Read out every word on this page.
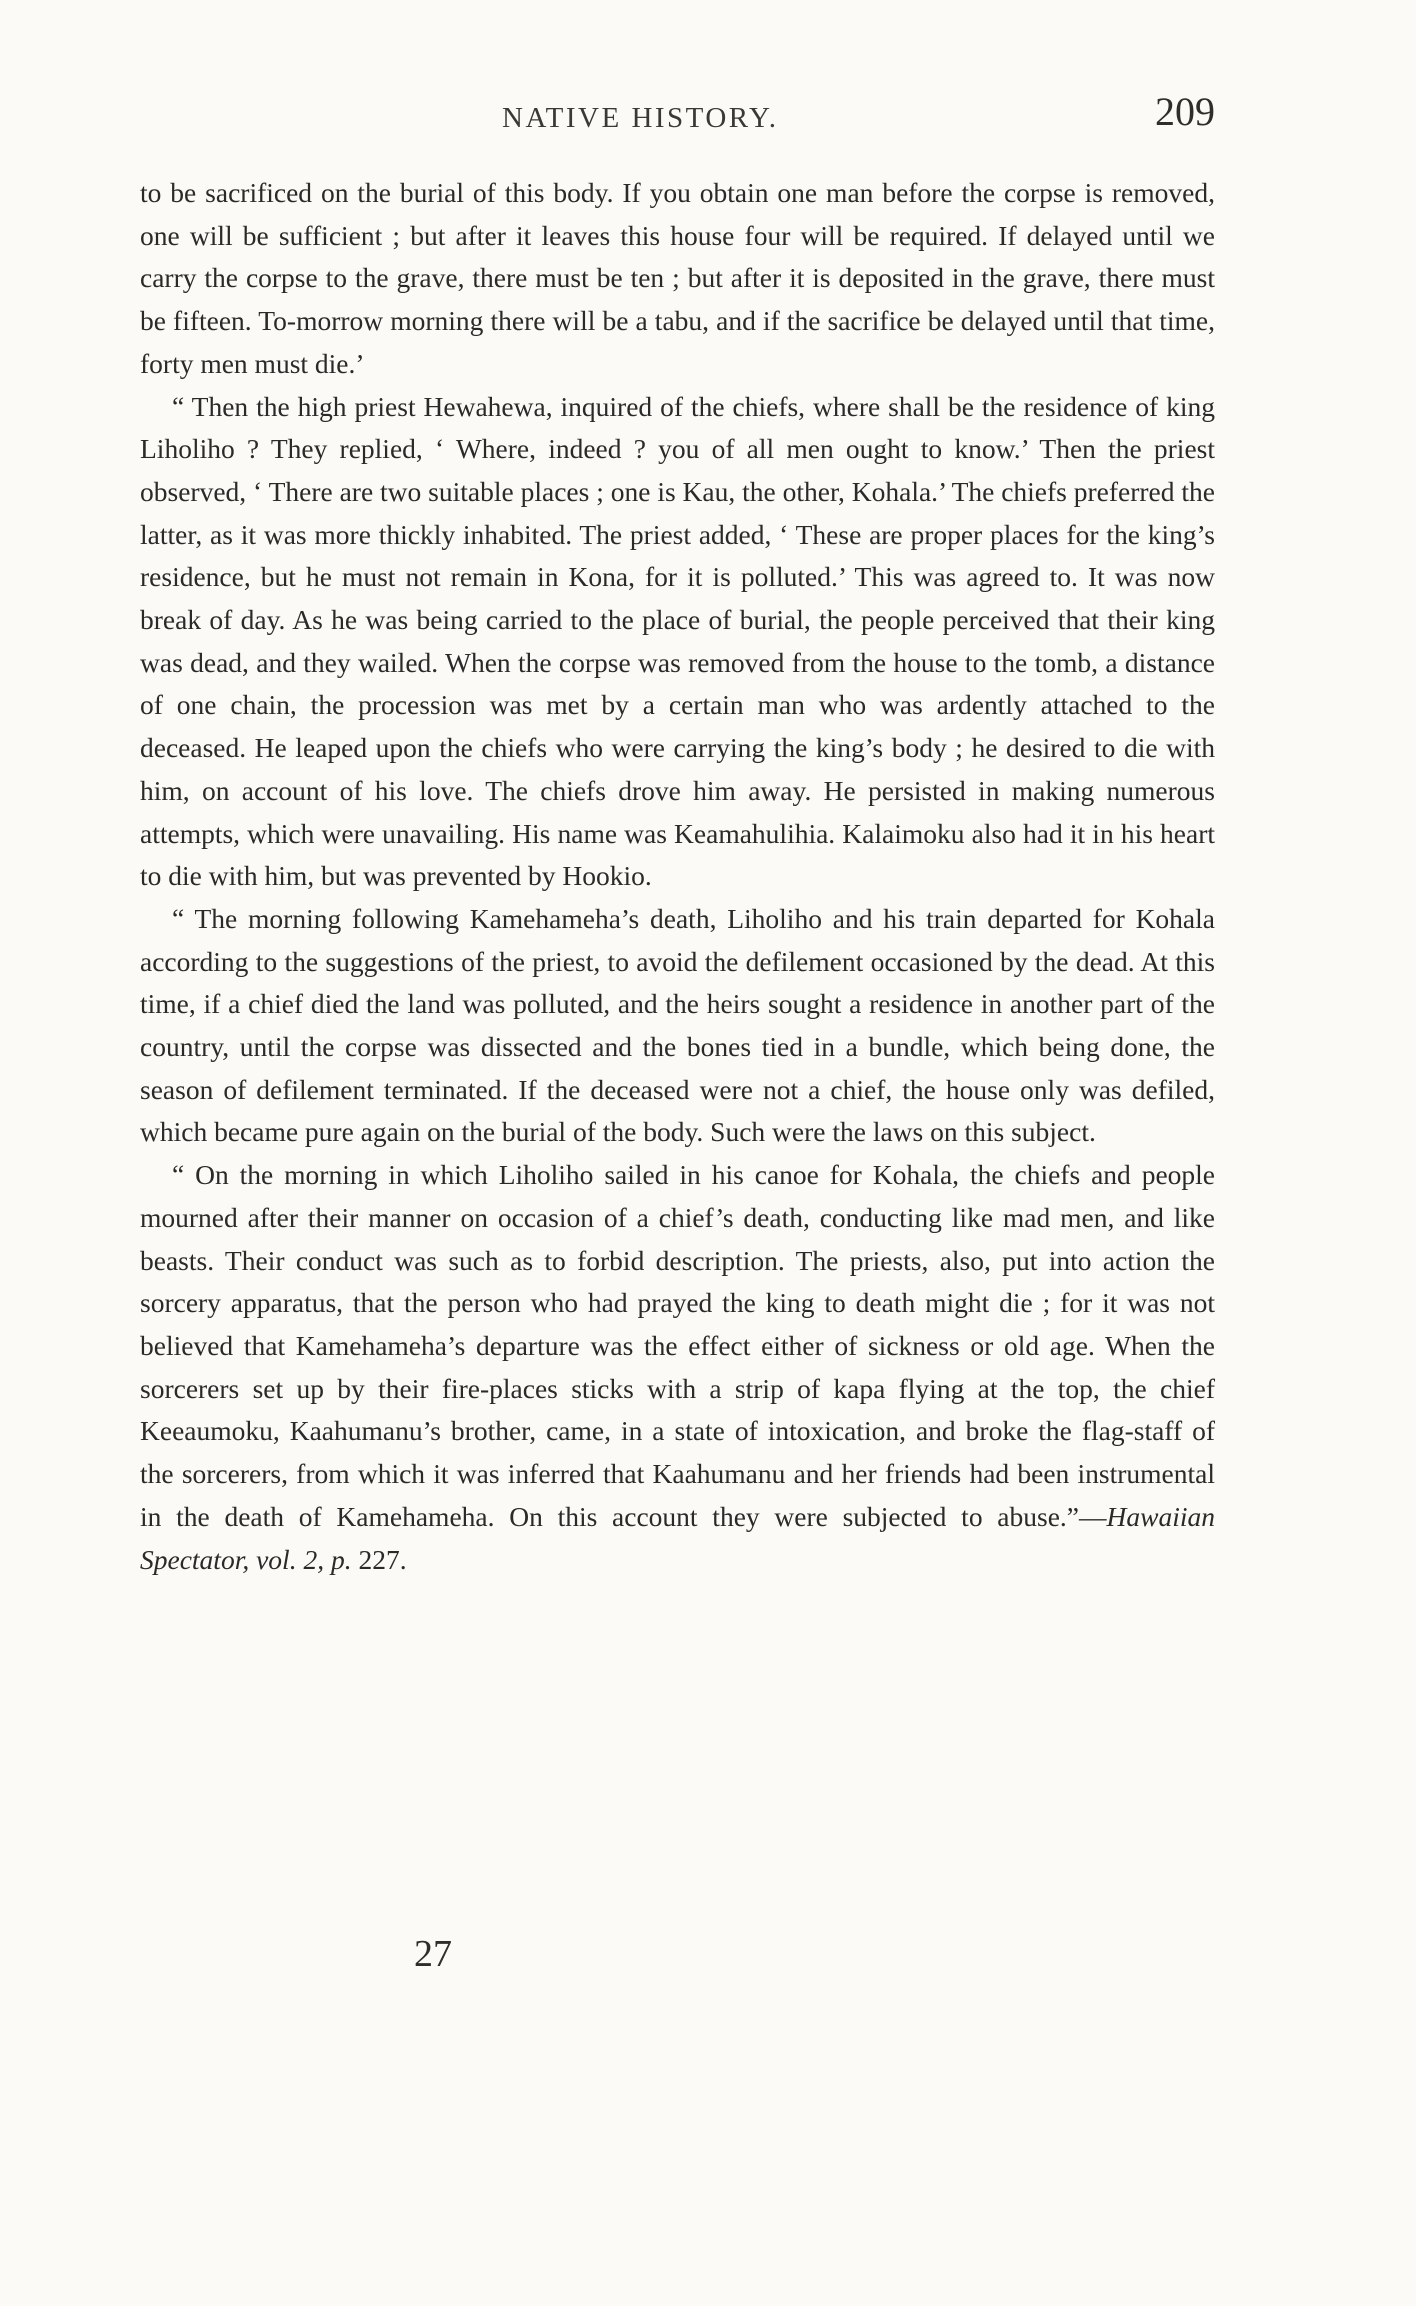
NATIVE HISTORY.	209

to be sacrificed on the burial of this body. If you obtain one man before the corpse is removed, one will be sufficient ; but after it leaves this house four will be required. If delayed until we carry the corpse to the grave, there must be ten ; but after it is deposited in the grave, there must be fifteen. To-morrow morning there will be a tabu, and if the sacrifice be delayed until that time, forty men must die.’

“ Then the high priest Hewahewa, inquired of the chiefs, where shall be the residence of king Liholiho ? They replied, ‘ Where, indeed ? you of all men ought to know.’ Then the priest observed, ‘ There are two suitable places ; one is Kau, the other, Kohala.’ The chiefs preferred the latter, as it was more thickly inhabited. The priest added, ‘ These are proper places for the king’s residence, but he must not remain in Kona, for it is polluted.’ This was agreed to. It was now break of day. As he was being carried to the place of burial, the people perceived that their king was dead, and they wailed. When the corpse was removed from the house to the tomb, a distance of one chain, the procession was met by a certain man who was ardently attached to the deceased. He leaped upon the chiefs who were carrying the king’s body ; he desired to die with him, on account of his love. The chiefs drove him away. He persisted in making numerous attempts, which were unavailing. His name was Keamahulihia. Kalaimoku also had it in his heart to die with him, but was prevented by Hookio.

“ The morning following Kamehameha’s death, Liholiho and his train departed for Kohala according to the suggestions of the priest, to avoid the defilement occasioned by the dead. At this time, if a chief died the land was polluted, and the heirs sought a residence in another part of the country, until the corpse was dissected and the bones tied in a bundle, which being done, the season of defilement terminated. If the deceased were not a chief, the house only was defiled, which became pure again on the burial of the body. Such were the laws on this subject.

“ On the morning in which Liholiho sailed in his canoe for Kohala, the chiefs and people mourned after their manner on occasion of a chief’s death, conducting like mad men, and like beasts. Their conduct was such as to forbid description. The priests, also, put into action the sorcery apparatus, that the person who had prayed the king to death might die ; for it was not believed that Kamehameha’s departure was the effect either of sickness or old age. When the sorcerers set up by their fire-places sticks with a strip of kapa flying at the top, the chief Keeaumoku, Kaahumanu’s brother, came, in a state of intoxication, and broke the flag-staff of the sorcerers, from which it was inferred that Kaahumanu and her friends had been instrumental in the death of Kamehameha. On this account they were subjected to abuse.”—Hawaiian Spectator, vol. 2, p. 227.

27
